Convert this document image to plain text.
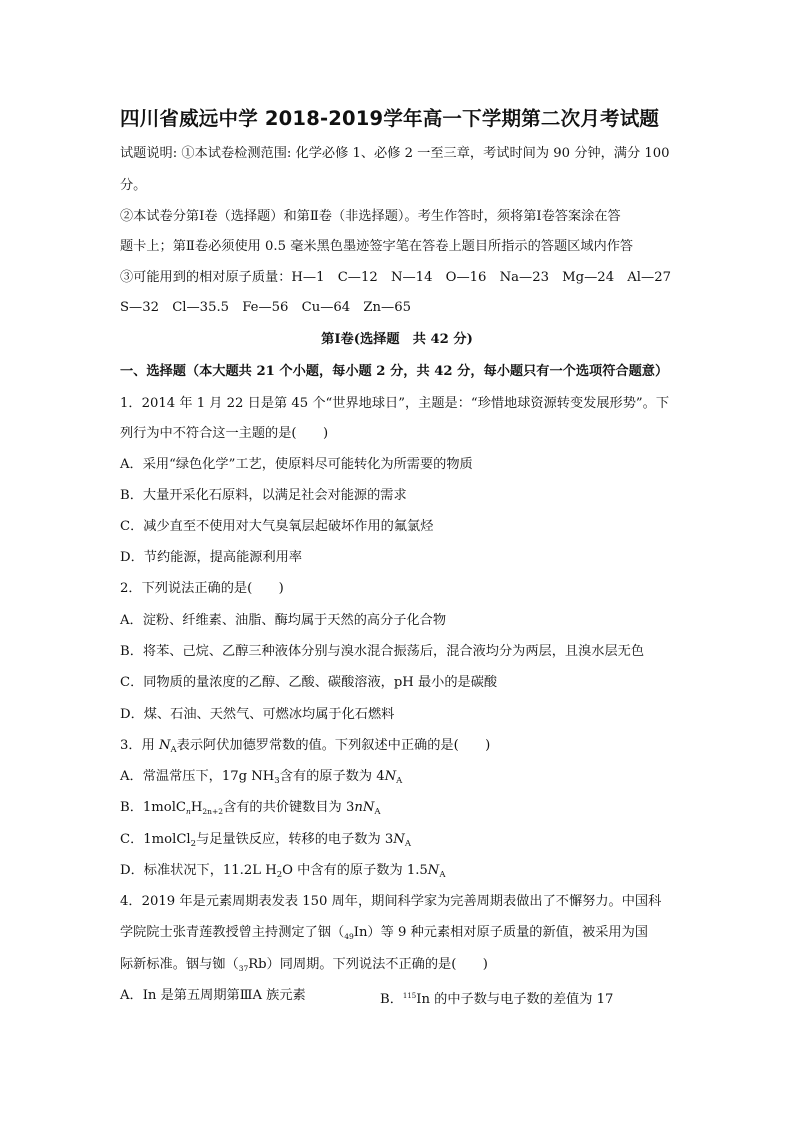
四川省威远中学 2018-2019学年高一下学期第二次月考试题
试题说明: ①本试卷检测范围: 化学必修 1、必修 2 一至三章，考试时间为 90 分钟，满分 100
分。
②本试卷分第Ⅰ卷（选择题）和第Ⅱ卷（非选择题）。考生作答时，须将第Ⅰ卷答案涂在答
题卡上；第Ⅱ卷必须使用 0.5 毫米黑色墨迹签字笔在答卷上题目所指示的答题区域内作答
③可能用到的相对原子质量：H—1　C—12　N—14　O—16　Na—23　Mg—24　Al—27
S—32　Cl—35.5　Fe—56　Cu—64　Zn—65
第Ⅰ卷(选择题　共 42 分)
一、选择题（本大题共 21 个小题，每小题 2 分，共 42 分，每小题只有一个选项符合题意）
1．2014 年 1 月 22 日是第 45 个“世界地球日”，主题是：“珍惜地球资源转变发展形势”。下
列行为中不符合这一主题的是(　　)
A．采用“绿色化学”工艺，使原料尽可能转化为所需要的物质
B．大量开采化石原料，以满足社会对能源的需求
C．减少直至不使用对大气臭氧层起破坏作用的氟氯烃
D．节约能源，提高能源利用率
2．下列说法正确的是(　　)
A．淀粉、纤维素、油脂、酶均属于天然的高分子化合物
B．将苯、己烷、乙醇三种液体分别与溴水混合振荡后，混合液均分为两层，且溴水层无色
C．同物质的量浓度的乙醇、乙酸、碳酸溶液，pH 最小的是碳酸
D．煤、石油、天然气、可燃冰均属于化石燃料
3．用 $N_A$表示阿伏加德罗常数的值。下列叙述中正确的是(　　)
A．常温常压下，17g $NH_3$含有的原子数为 $4N_A$
B．$1molC_nH_{2n+2}$含有的共价键数目为 $3nN_A$
C．1molCl$_2$与足量铁反应，转移的电子数为 $3N_A$
D．标准状况下，11.2L $H_2O$ 中含有的原子数为 $1.5N_A$
4．2019 年是元素周期表发表 150 周年，期间科学家为完善周期表做出了不懈努力。中国科
学院院士张青莲教授曾主持测定了铟$(_{49}In)$等 9 种元素相对原子质量的新值，被采用为国
际新标准。铟与铷$(_{37}Rb)$同周期。下列说法不正确的是(　　)
A．In 是第五周期第ⅢA 族元素	B．$^{115}$In 的中子数与电子数的差值为 17
